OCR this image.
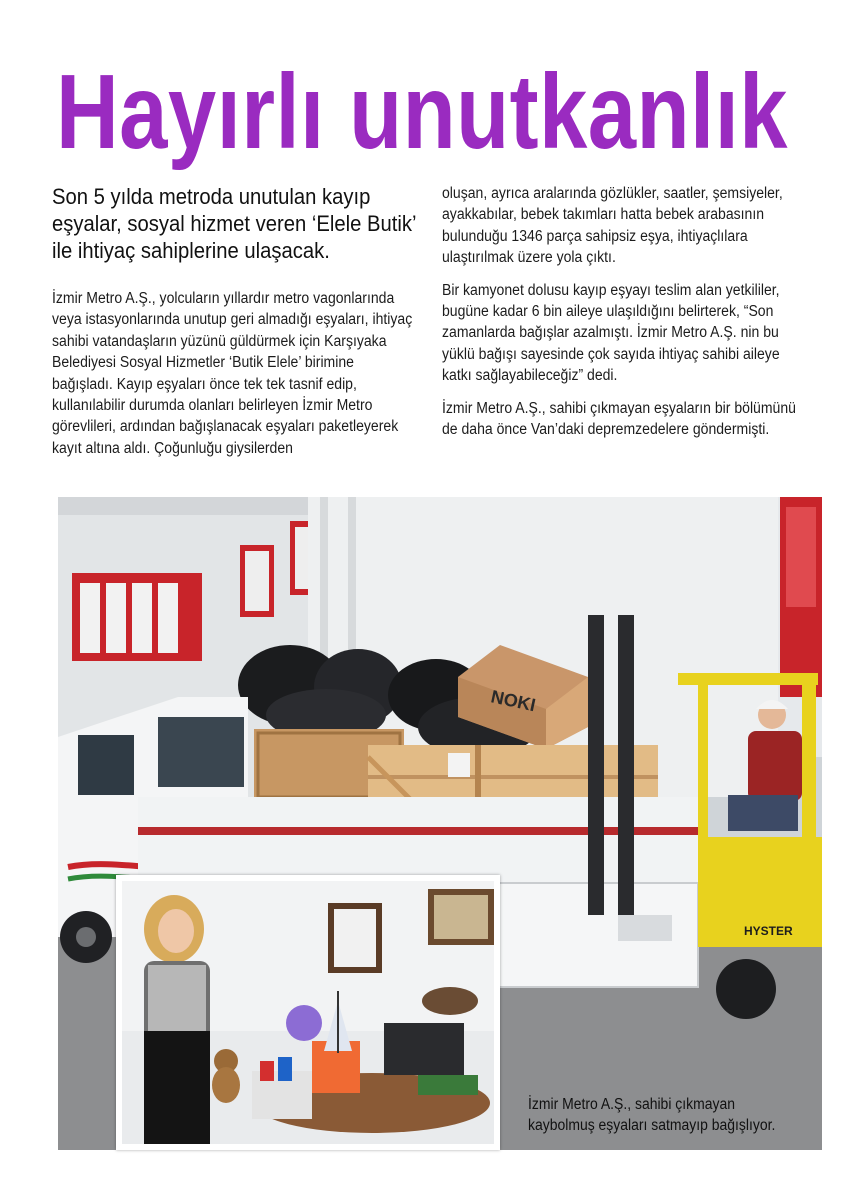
Hayırlı unutkanlık
Son 5 yılda metroda unutulan kayıp eşyalar, sosyal hizmet veren ‘Elele Butik’ ile ihtiyaç sahiplerine ulaşacak.

İzmir Metro A.Ş., yolcuların yıllardır metro vagonlarında veya istasyonlarında unutup geri almadığı eşyaları, ihtiyaç sahibi vatandaşların yüzünü güldürmek için Karşıyaka Belediyesi Sosyal Hizmetler ‘Butik Elele’ birimine bağışladı. Kayıp eşyaları önce tek tek tasnif edip, kullanılabilir durumda olanları belirleyen İzmir Metro görevlileri, ardından bağışlanacak eşyaları paketleyerek kayıt altına aldı. Çoğunluğu giysilerden

oluşan, ayrıca aralarında gözlükler, saatler, şemsiyeler, ayakkabılar, bebek takımları hatta bebek arabasının bulunduğu 1346 parça sahipsiz eşya, ihtiyaçlılara ulaştırılmak üzere yola çıktı.

Bir kamyonet dolusu kayıp eşyayı teslim alan yetkililer, bugüne kadar 6 bin aileye ulaşıldığını belirterek, “Son zamanlarda bağışlar azalmıştı. İzmir Metro A.Ş. nin bu yüklü bağışı sayesinde çok sayıda ihtiyaç sahibi aileye katkı sağlayabileceğiz” dedi.

İzmir Metro A.Ş., sahibi çıkmayan eşyaların bir bölümünü de daha önce Van’daki depremzedelere göndermişti.

NOKI
HYSTER
İzmir Metro A.Ş., sahibi çıkmayan kaybolmuş eşyaları satmayıp bağışlıyor.
